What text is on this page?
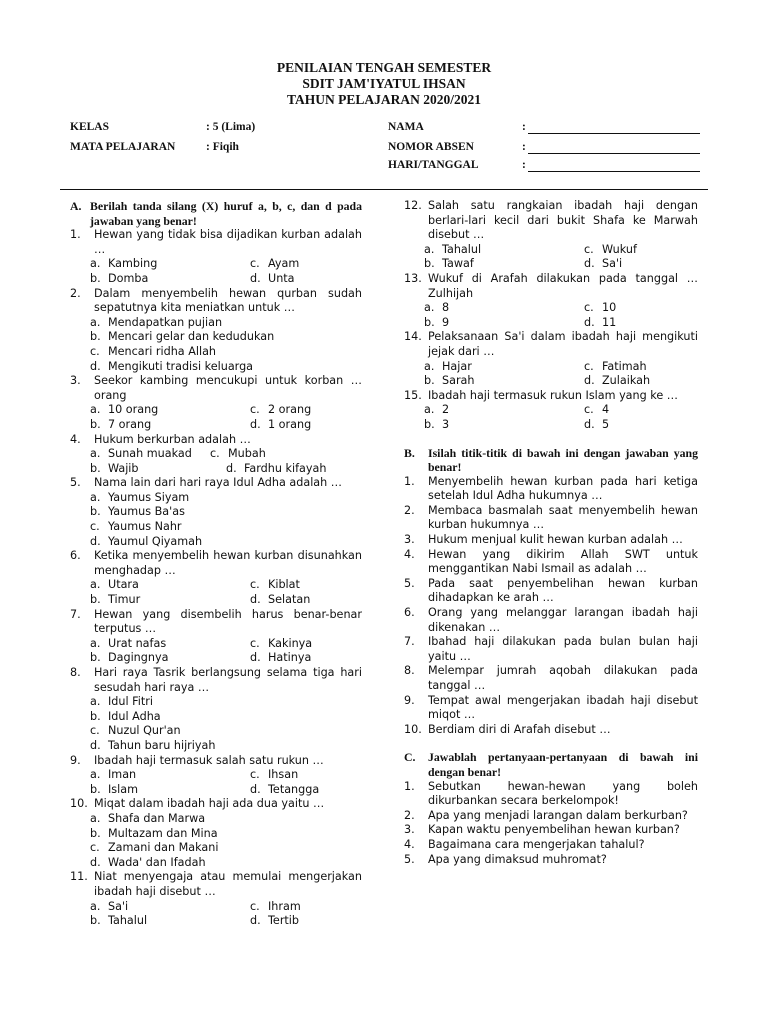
PENILAIAN TENGAH SEMESTER
SDIT JAM'IYATUL IHSAN
TAHUN PELAJARAN 2020/2021
KELAS	: 5 (Lima)
MATA PELAJARAN	: Fiqih
NAMA	:
NOMOR ABSEN	:
HARI/TANGGAL	:
A. Berilah tanda silang (X) huruf a, b, c, dan d pada jawaban yang benar!
1.	Hewan yang tidak bisa dijadikan kurban adalah …
a. Kambing	c. Ayam
b. Domba	d. Unta
2.	Dalam menyembelih hewan qurban sudah sepatutnya kita meniatkan untuk …
a. Mendapatkan pujian
b. Mencari gelar dan kedudukan
c. Mencari ridha Allah
d. Mengikuti tradisi keluarga
3.	Seekor kambing mencukupi untuk korban … orang
a. 10 orang	c. 2 orang
b. 7 orang	d. 1 orang
4.	Hukum berkurban adalah …
a. Sunah muakad c. Mubah
b. Wajib	d. Fardhu kifayah
5.	Nama lain dari hari raya Idul Adha adalah …
a. Yaumus Siyam
b. Yaumus Ba'as
c. Yaumus Nahr
d. Yaumul Qiyamah
6.	Ketika menyembelih hewan kurban disunahkan menghadap …
a. Utara	c. Kiblat
b. Timur	d. Selatan
7.	Hewan yang disembelih harus benar-benar terputus …
a. Urat nafas	c. Kakinya
b. Dagingnya	d. Hatinya
8.	Hari raya Tasrik berlangsung selama tiga hari sesudah hari raya …
a. Idul Fitri
b. Idul Adha
c. Nuzul Qur'an
d. Tahun baru hijriyah
9.	Ibadah haji termasuk salah satu rukun …
a. Iman	c. Ihsan
b. Islam	d. Tetangga
10. Miqat dalam ibadah haji ada dua yaitu …
a. Shafa dan Marwa
b. Multazam dan Mina
c. Zamani dan Makani
d. Wada' dan Ifadah
11. Niat menyengaja atau memulai mengerjakan ibadah haji disebut …
a. Sa'i	c. Ihram
b. Tahalul	d. Tertib
12. Salah satu rangkaian ibadah haji dengan berlari-lari kecil dari bukit Shafa ke Marwah disebut …
a. Tahalul	c. Wukuf
b. Tawaf	d. Sa'i
13. Wukuf di Arafah dilakukan pada tanggal … Zulhijah
a. 8	c. 10
b. 9	d. 11
14. Pelaksanaan Sa'i dalam ibadah haji mengikuti jejak dari …
a. Hajar	c. Fatimah
b. Sarah	d. Zulaikah
15. Ibadah haji termasuk rukun Islam yang ke …
a. 2	c. 4
b. 3	d. 5
B.	Isilah titik-titik di bawah ini dengan jawaban yang benar!
1.	Menyembelih hewan kurban pada hari ketiga setelah Idul Adha hukumnya …
2.	Membaca basmalah saat menyembelih hewan kurban hukumnya …
3.	Hukum menjual kulit hewan kurban adalah …
4.	Hewan yang dikirim Allah SWT untuk menggantikan Nabi Ismail as adalah …
5.	Pada saat penyembelihan hewan kurban dihadapkan ke arah …
6.	Orang yang melanggar larangan ibadah haji dikenakan …
7.	Ibahad haji dilakukan pada bulan bulan haji yaitu …
8.	Melempar jumrah aqobah dilakukan pada tanggal …
9.	Tempat awal mengerjakan ibadah haji disebut miqot …
10. Berdiam diri di Arafah disebut …
C.	Jawablah pertanyaan-pertanyaan di bawah ini dengan benar!
1.	Sebutkan hewan-hewan yang boleh dikurbankan secara berkelompok!
2.	Apa yang menjadi larangan dalam berkurban?
3.	Kapan waktu penyembelihan hewan kurban?
4.	Bagaimana cara mengerjakan tahalul?
5.	Apa yang dimaksud muhromat?
